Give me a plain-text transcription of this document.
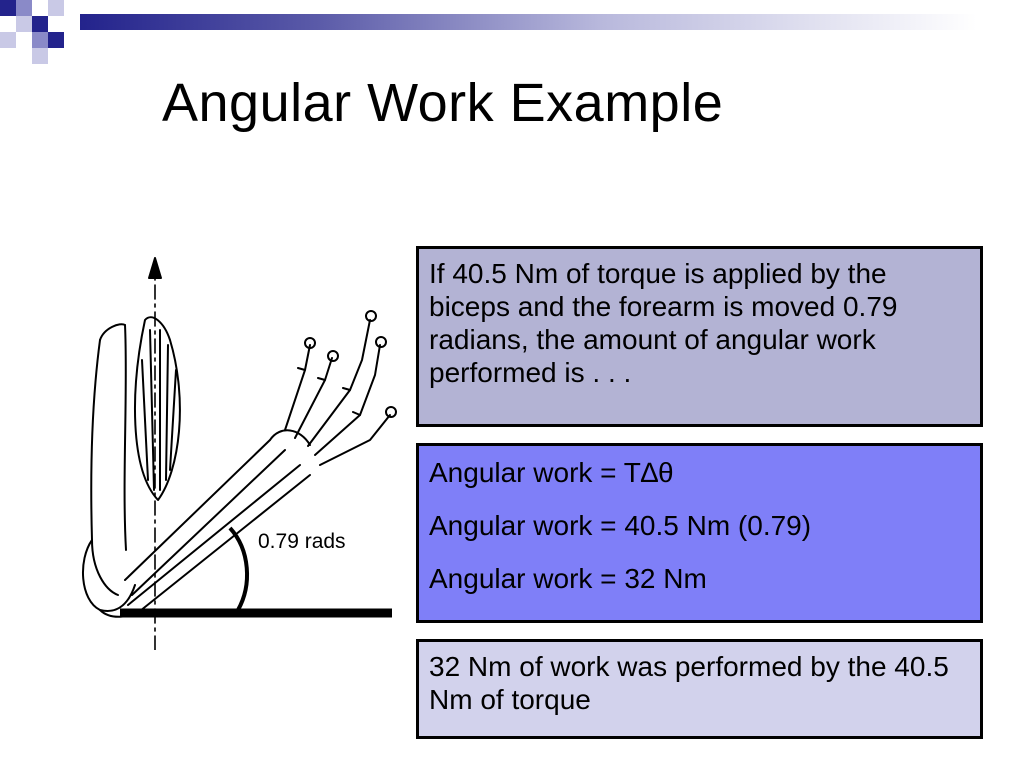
Angular Work Example
0.79 rads
If 40.5 Nm of torque is applied by the biceps and the forearm is moved 0.79 radians, the amount of angular work performed is . . .

Angular work = T∆θ

Angular work = 40.5 Nm (0.79)

Angular work = 32 Nm

32 Nm of work was performed by the 40.5 Nm of torque
